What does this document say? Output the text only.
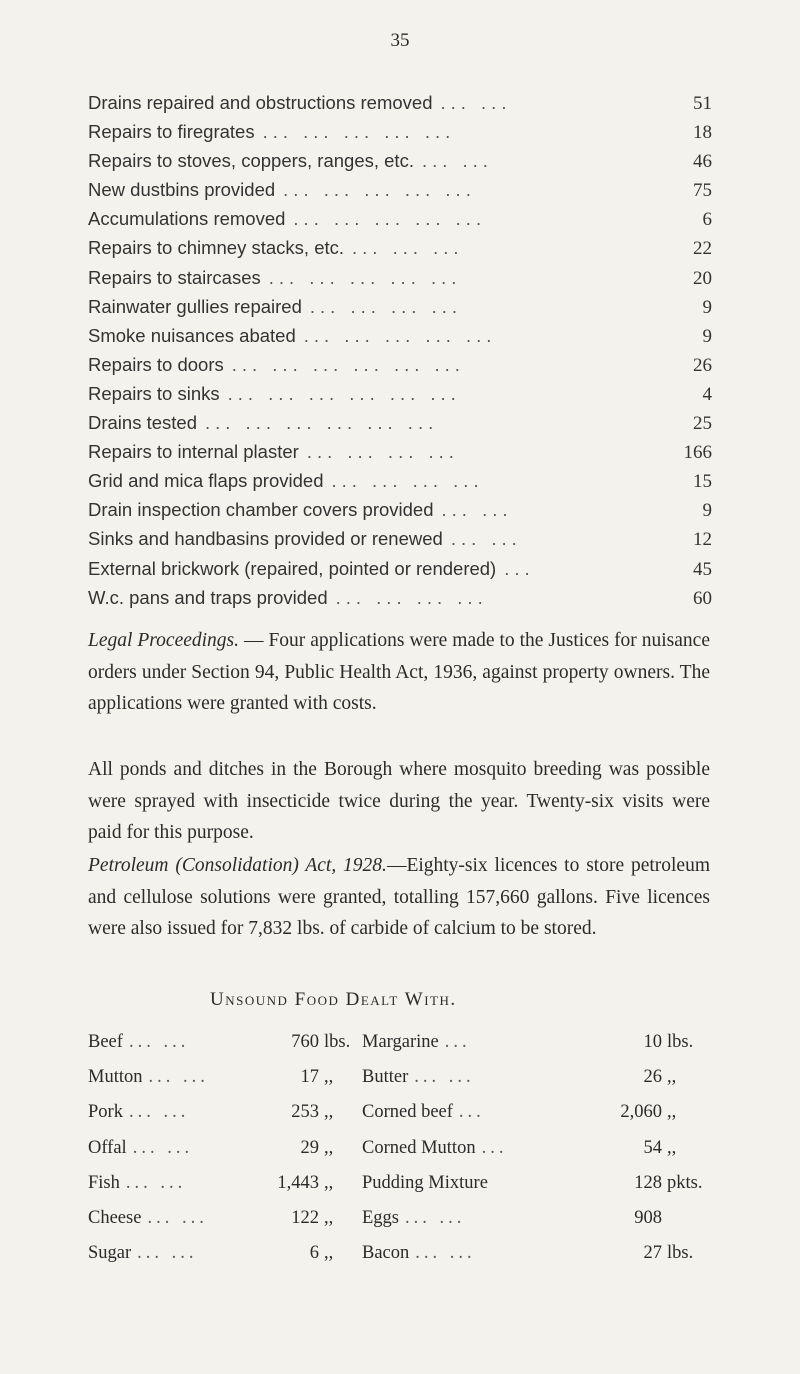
35
Drains repaired and obstructions removed ... ...	51
Repairs to firegrates ... ... ... ... ...	18
Repairs to stoves, coppers, ranges, etc. ... ...	46
New dustbins provided ... ... ... ... ...	75
Accumulations removed ... ... ... ... ...	6
Repairs to chimney stacks, etc. ... ... ...	22
Repairs to staircases ... ... ... ... ...	20
Rainwater gullies repaired ... ... ... ...	9
Smoke nuisances abated ... ... ... ... ...	9
Repairs to doors ... ... ... ... ... ...	26
Repairs to sinks ... ... ... ... ... ...	4
Drains tested ... ... ... ... ... ...	25
Repairs to internal plaster ... ... ... ...	166
Grid and mica flaps provided ... ... ... ...	15
Drain inspection chamber covers provided ... ...	9
Sinks and handbasins provided or renewed ... ...	12
External brickwork (repaired, pointed or rendered) ...	45
W.c. pans and traps provided ... ... ... ...	60

Legal Proceedings. — Four applications were made to the Justices for nuisance orders under Section 94, Public Health Act, 1936, against property owners. The applications were granted with costs.

All ponds and ditches in the Borough where mosquito breeding was possible were sprayed with insecticide twice during the year. Twenty-six visits were paid for this purpose.

Petroleum (Consolidation) Act, 1928.—Eighty-six licences to store petroleum and cellulose solutions were granted, totalling 157,660 gallons. Five licences were also issued for 7,832 lbs. of carbide of calcium to be stored.

Unsound Food Dealt With.
Beef ... ...	760 lbs. Margarine ...	10 lbs.
Mutton ... ...	17 ,,	Butter ... ...	26 ,,
Pork ... ...	253 ,,	Corned beef ...	2,060 ,,
Offal ... ...	29 ,,	Corned Mutton ...	54 ,,
Fish ... ...	1,443 ,,	Pudding Mixture	128 pkts.
Cheese ... ...	122 ,,	Eggs ... ...	908
Sugar ... ...	6 ,,	Bacon ... ...	27 lbs.
